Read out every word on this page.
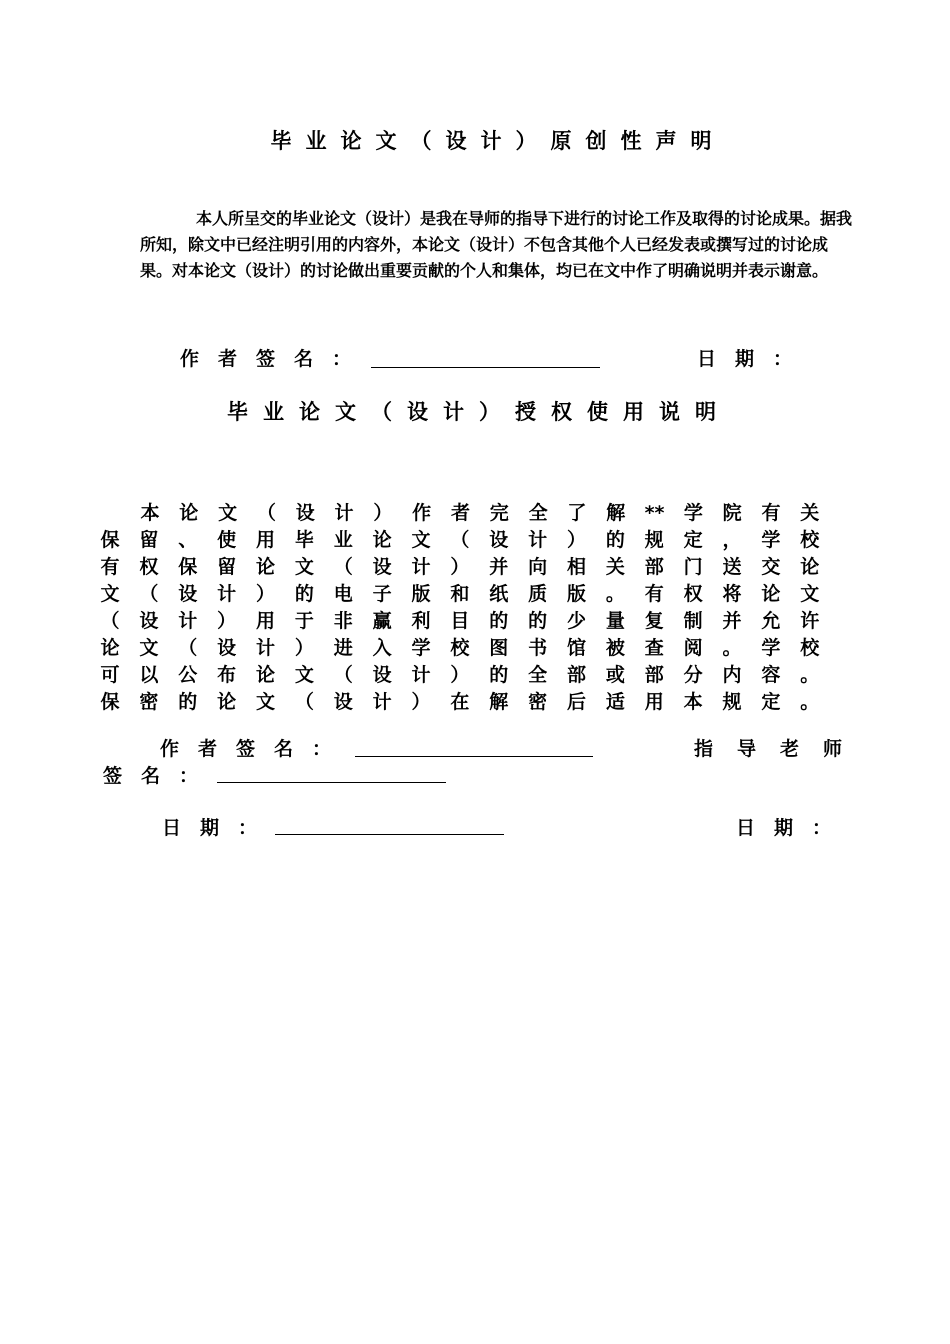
毕业论文（设计）原创性声明

本人所呈交的毕业论文（设计）是我在导师的指导下进行的讨论工作及取得的讨论成果。据我所知，除文中已经注明引用的内容外，本论文（设计）不包含其他个人已经发表或撰写过的讨论成果。对本论文（设计）的讨论做出重要贡献的个人和集体，均已在文中作了明确说明并表示谢意。

作者签名：	日期：
毕业论文（设计）授权使用说明
本 论 文 （ 设 计 ） 作 者 完 全 了 解 ** 学 院 有 关
保 留 、 使 用 毕 业 论 文 （ 设 计 ） 的 规 定 ， 学 校
有 权 保 留 论 文 （ 设 计 ） 并 向 相 关 部 门 送 交 论
文 （ 设 计 ） 的 电 子 版 和 纸 质 版 。 有 权 将 论 文
（ 设 计 ） 用 于 非 赢 利 目 的 的 少 量 复 制 并 允 许
论 文 （ 设 计 ） 进 入 学 校 图 书 馆 被 查 阅 。 学 校
可 以 公 布 论 文 （ 设 计 ） 的 全 部 或 部 分 内 容 。
保 密 的 论 文 （ 设 计 ） 在 解 密 后 适 用 本 规 定 。
作者签名：	指导老师
签名：
日期：	日期：
